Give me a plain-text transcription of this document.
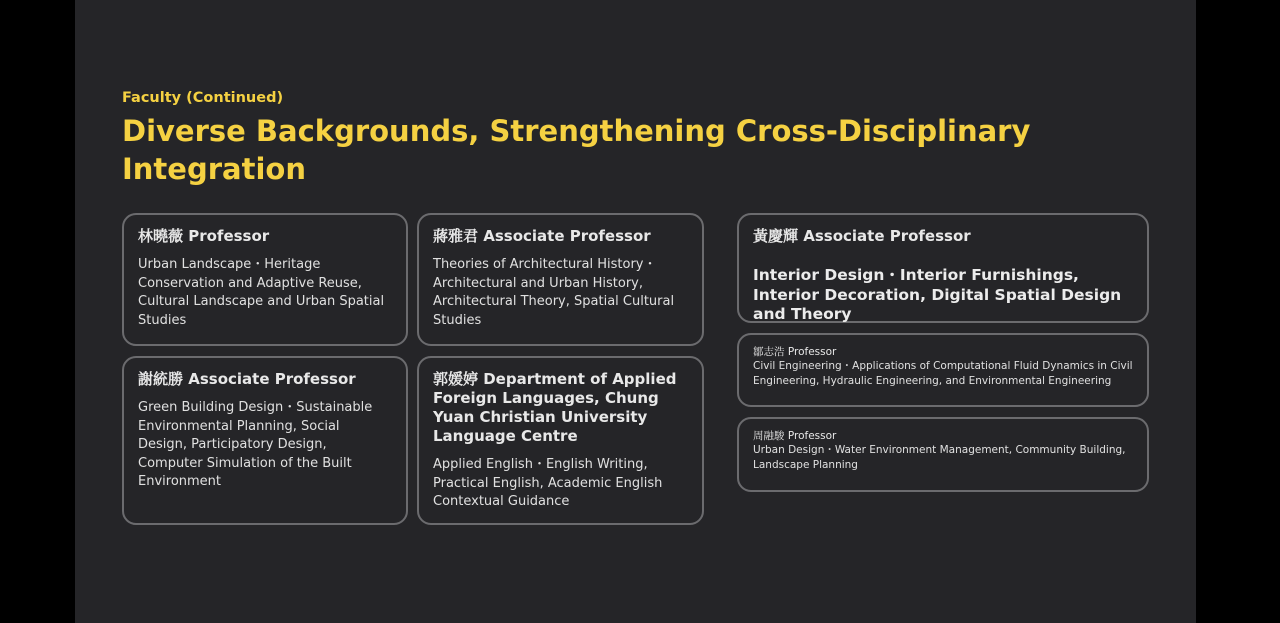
Faculty (Continued)
Diverse Backgrounds, Strengthening Cross-Disciplinary Integration
林曉薇 Professor
Urban Landscape・Heritage Conservation and Adaptive Reuse, Cultural Landscape and Urban Spatial Studies
蔣雅君 Associate Professor
Theories of Architectural History・Architectural and Urban History, Architectural Theory, Spatial Cultural Studies
謝統勝 Associate Professor
Green Building Design・Sustainable Environmental Planning, Social Design, Participatory Design, Computer Simulation of the Built Environment
郭媛婷 Department of Applied Foreign Languages, Chung Yuan Christian University Language Centre
Applied English・English Writing, Practical English, Academic English Contextual Guidance
黃慶輝 Associate Professor
Interior Design・Interior Furnishings, Interior Decoration, Digital Spatial Design and Theory
鄒志浩 Professor
Civil Engineering・Applications of Computational Fluid Dynamics in Civil Engineering, Hydraulic Engineering, and Environmental Engineering
周融駿 Professor
Urban Design・Water Environment Management, Community Building, Landscape Planning
